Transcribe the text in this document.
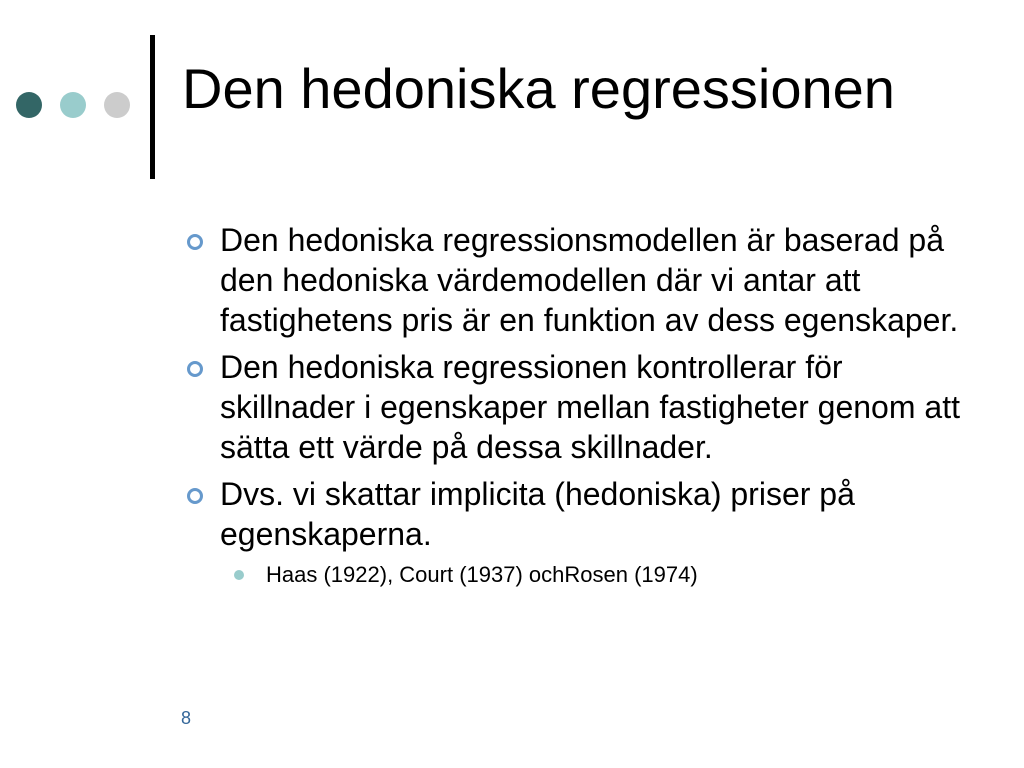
Den hedoniska regressionen
Den hedoniska regressionsmodellen är baserad på den hedoniska värdemodellen där vi antar att fastighetens pris är en funktion av dess egenskaper.
Den hedoniska regressionen kontrollerar för skillnader i egenskaper mellan fastigheter genom att sätta ett värde på dessa skillnader.
Dvs. vi skattar implicita (hedoniska) priser på egenskaperna.
Haas (1922), Court (1937) ochRosen (1974)
8
